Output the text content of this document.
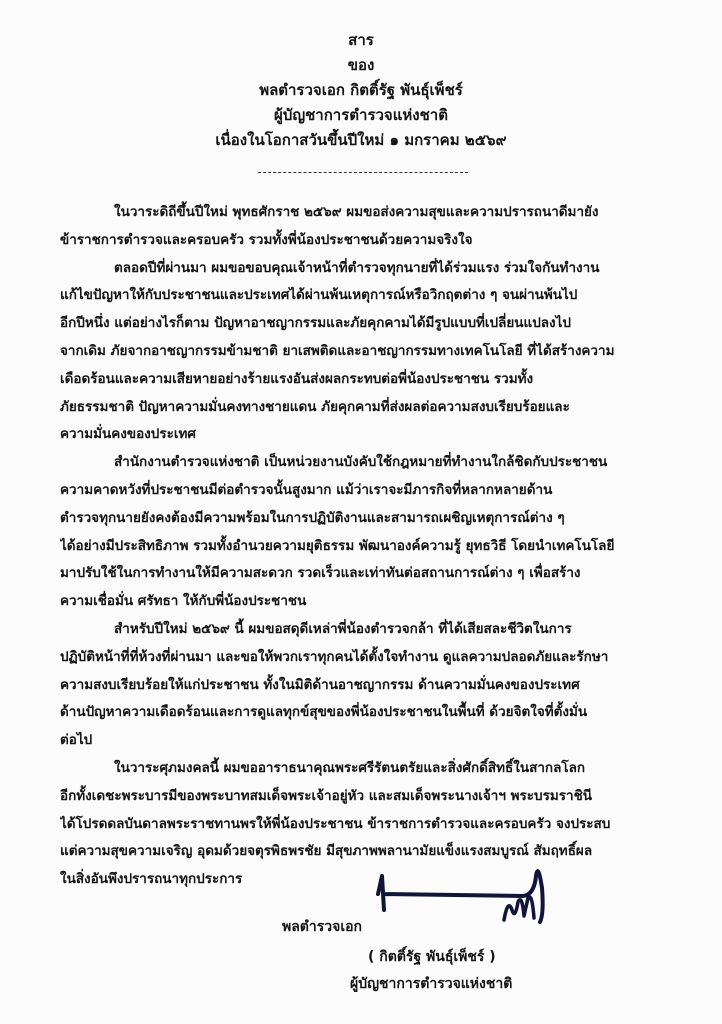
สาร
ของ
พลตำรวจเอก กิตติ์รัฐ พันธุ์เพ็ชร์
ผู้บัญชาการตำรวจแห่งชาติ
เนื่องในโอกาสวันขึ้นปีใหม่ ๑ มกราคม ๒๕๖๙
ในวาระดิถีขึ้นปีใหม่ พุทธศักราช ๒๕๖๙ ผมขอส่งความสุขและความปรารถนาดีมายัง
ข้าราชการตำรวจและครอบครัว รวมทั้งพี่น้องประชาชนด้วยความจริงใจ
ตลอดปีที่ผ่านมา ผมขอขอบคุณเจ้าหน้าที่ตำรวจทุกนายที่ได้ร่วมแรง ร่วมใจกันทำงาน
แก้ไขปัญหาให้กับประชาชนและประเทศได้ผ่านพ้นเหตุการณ์หรือวิกฤตต่าง ๆ จนผ่านพ้นไป
อีกปีหนึ่ง แต่อย่างไรก็ตาม ปัญหาอาชญากรรมและภัยคุกคามได้มีรูปแบบที่เปลี่ยนแปลงไป
จากเดิม ภัยจากอาชญากรรมข้ามชาติ ยาเสพติดและอาชญากรรมทางเทคโนโลยี ที่ได้สร้างความ
เดือดร้อนและความเสียหายอย่างร้ายแรงอันส่งผลกระทบต่อพี่น้องประชาชน รวมทั้ง
ภัยธรรมชาติ ปัญหาความมั่นคงทางชายแดน ภัยคุกคามที่ส่งผลต่อความสงบเรียบร้อยและ
ความมั่นคงของประเทศ
สำนักงานตำรวจแห่งชาติ เป็นหน่วยงานบังคับใช้กฎหมายที่ทำงานใกล้ชิดกับประชาชน
ความคาดหวังที่ประชาชนมีต่อตำรวจนั้นสูงมาก แม้ว่าเราจะมีภารกิจที่หลากหลายด้าน
ตำรวจทุกนายยังคงต้องมีความพร้อมในการปฏิบัติงานและสามารถเผชิญเหตุการณ์ต่าง ๆ
ได้อย่างมีประสิทธิภาพ รวมทั้งอำนวยความยุติธรรม พัฒนาองค์ความรู้ ยุทธวิธี โดยนำเทคโนโลยี
มาปรับใช้ในการทำงานให้มีความสะดวก รวดเร็วและเท่าทันต่อสถานการณ์ต่าง ๆ เพื่อสร้าง
ความเชื่อมั่น ศรัทธา ให้กับพี่น้องประชาชน
สำหรับปีใหม่ ๒๕๖๙ นี้ ผมขอสดุดีเหล่าพี่น้องตำรวจกล้า ที่ได้เสียสละชีวิตในการ
ปฏิบัติหน้าที่ที่ห้วงที่ผ่านมา และขอให้พวกเราทุกคนได้ตั้งใจทำงาน ดูแลความปลอดภัยและรักษา
ความสงบเรียบร้อยให้แก่ประชาชน ทั้งในมิติด้านอาชญากรรม ด้านความมั่นคงของประเทศ
ด้านปัญหาความเดือดร้อนและการดูแลทุกข์สุขของพี่น้องประชาชนในพื้นที่ ด้วยจิตใจที่ตั้งมั่น
ต่อไป
ในวาระศุภมงคลนี้ ผมขออาราธนาคุณพระศรีรัตนตรัยและสิ่งศักดิ์สิทธิ์ในสากลโลก
อีกทั้งเดชะพระบารมีของพระบาทสมเด็จพระเจ้าอยู่หัว และสมเด็จพระนางเจ้าฯ พระบรมราชินี
ได้โปรดดลบันดาลพระราชทานพรให้พี่น้องประชาชน ข้าราชการตำรวจและครอบครัว จงประสบ
แต่ความสุขความเจริญ อุดมด้วยจตุรพิธพรชัย มีสุขภาพพลานามัยแข็งแรงสมบูรณ์ สัมฤทธิ์ผล
ในสิ่งอันพึงปรารถนาทุกประการ
พลตำรวจเอก
( กิตติ์รัฐ พันธุ์เพ็ชร์ )
ผู้บัญชาการตำรวจแห่งชาติ
